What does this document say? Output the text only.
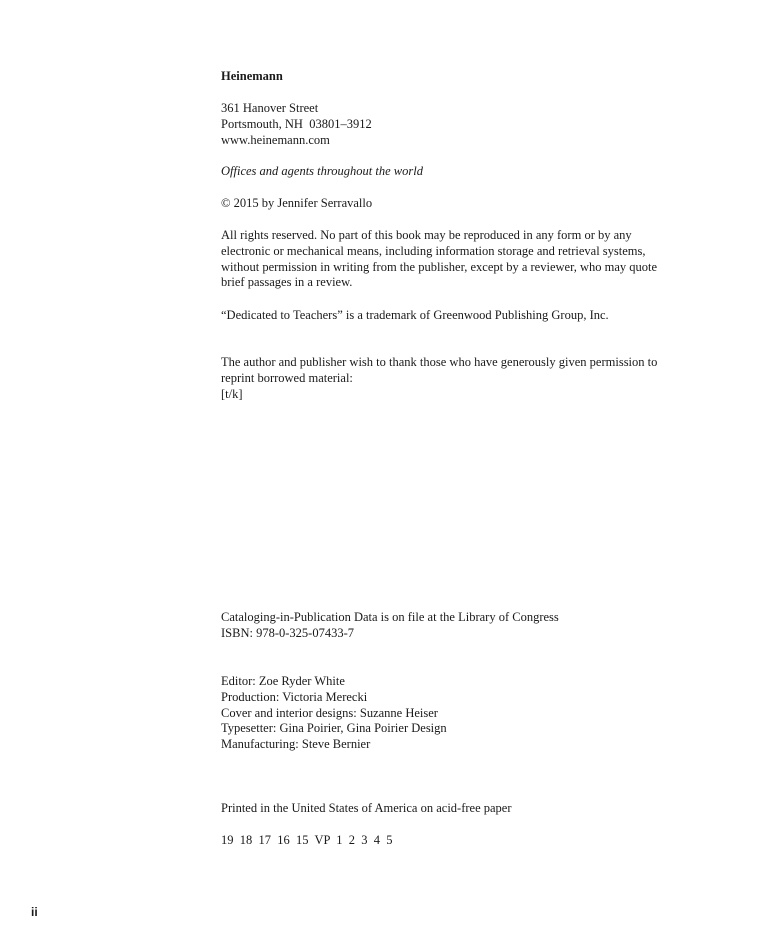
Heinemann

361 Hanover Street

Portsmouth, NH  03801–3912

www.heinemann.com

Offices and agents throughout the world

© 2015 by Jennifer Serravallo

All rights reserved. No part of this book may be reproduced in any form or by any

electronic or mechanical means, including information storage and retrieval systems,

without permission in writing from the publisher, except by a reviewer, who may quote

brief passages in a review.

“Dedicated to Teachers” is a trademark of Greenwood Publishing Group, Inc.

The author and publisher wish to thank those who have generously given permission to

reprint borrowed material:

[t/k]

Cataloging-in-Publication Data is on file at the Library of Congress

ISBN: 978-0-325-07433-7

Editor: Zoe Ryder White

Production: Victoria Merecki

Cover and interior designs: Suzanne Heiser

Typesetter: Gina Poirier, Gina Poirier Design

Manufacturing: Steve Bernier

Printed in the United States of America on acid-free paper

19  18  17  16  15  VP  1  2  3  4  5

ii
